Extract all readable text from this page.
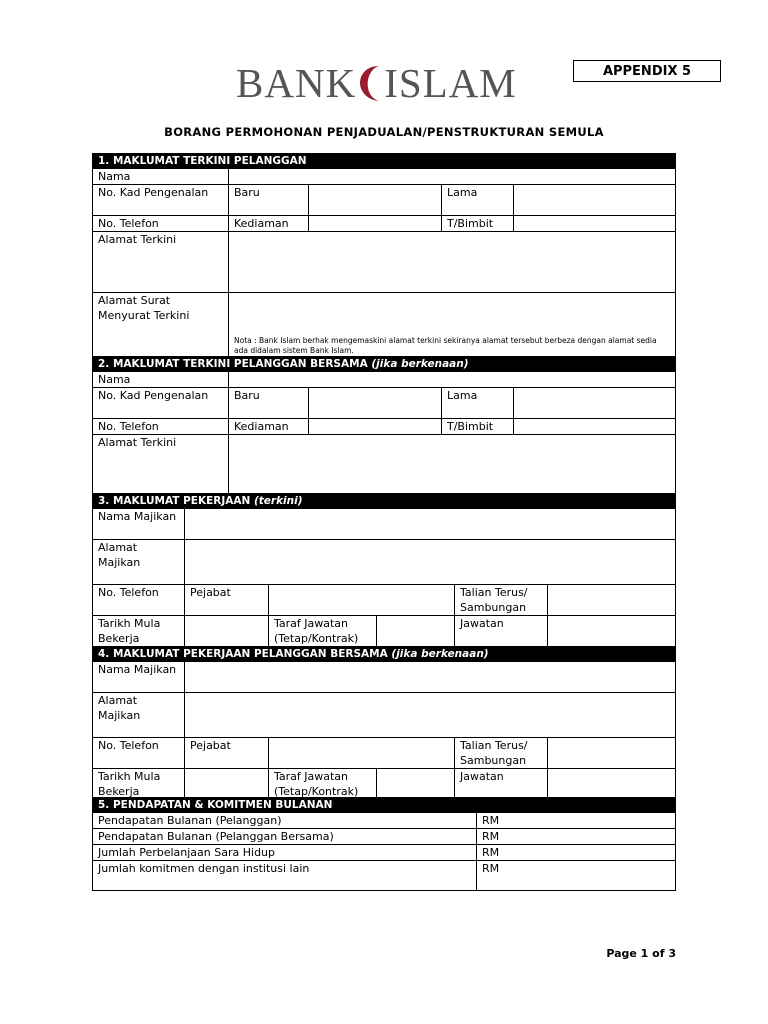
BANK ISLAM	APPENDIX 5
BORANG PERMOHONAN PENJADUALAN/PENSTRUKTURAN SEMULA
1. MAKLUMAT TERKINI PELANGGAN				
Nama				
No. Kad Pengenalan	Baru		Lama	
No. Telefon	Kediaman		T/Bimbit	
Alamat Terkini				
Alamat Surat Menyurat Terkini	Nota : Bank Islam berhak mengemaskini alamat terkini sekiranya alamat tersebut berbeza dengan alamat sedia ada didalam sistem Bank Islam.			

2. MAKLUMAT TERKINI PELANGGAN BERSAMA (jika berkenaan)				
Nama				
No. Kad Pengenalan	Baru		Lama	
No. Telefon	Kediaman		T/Bimbit	
Alamat Terkini				
3. MAKLUMAT PEKERJAAN (terkini)					
Nama Majikan					
Alamat Majikan					
No. Telefon	Pejabat			Talian Terus/ Sambungan	
Tarikh Mula Bekerja		Taraf Jawatan (Tetap/Kontrak)		Jawatan	
4. MAKLUMAT PEKERJAAN PELANGGAN BERSAMA (jika berkenaan)					
Nama Majikan					
Alamat Majikan					
No. Telefon	Pejabat			Talian Terus/ Sambungan	
Tarikh Mula Bekerja		Taraf Jawatan (Tetap/Kontrak)		Jawatan	
5. PENDAPATAN & KOMITMEN BULANAN	
Pendapatan Bulanan (Pelanggan)	RM
Pendapatan Bulanan (Pelanggan Bersama)	RM
Jumlah Perbelanjaan Sara Hidup	RM
Jumlah komitmen dengan institusi lain	RM
Page 1 of 3
